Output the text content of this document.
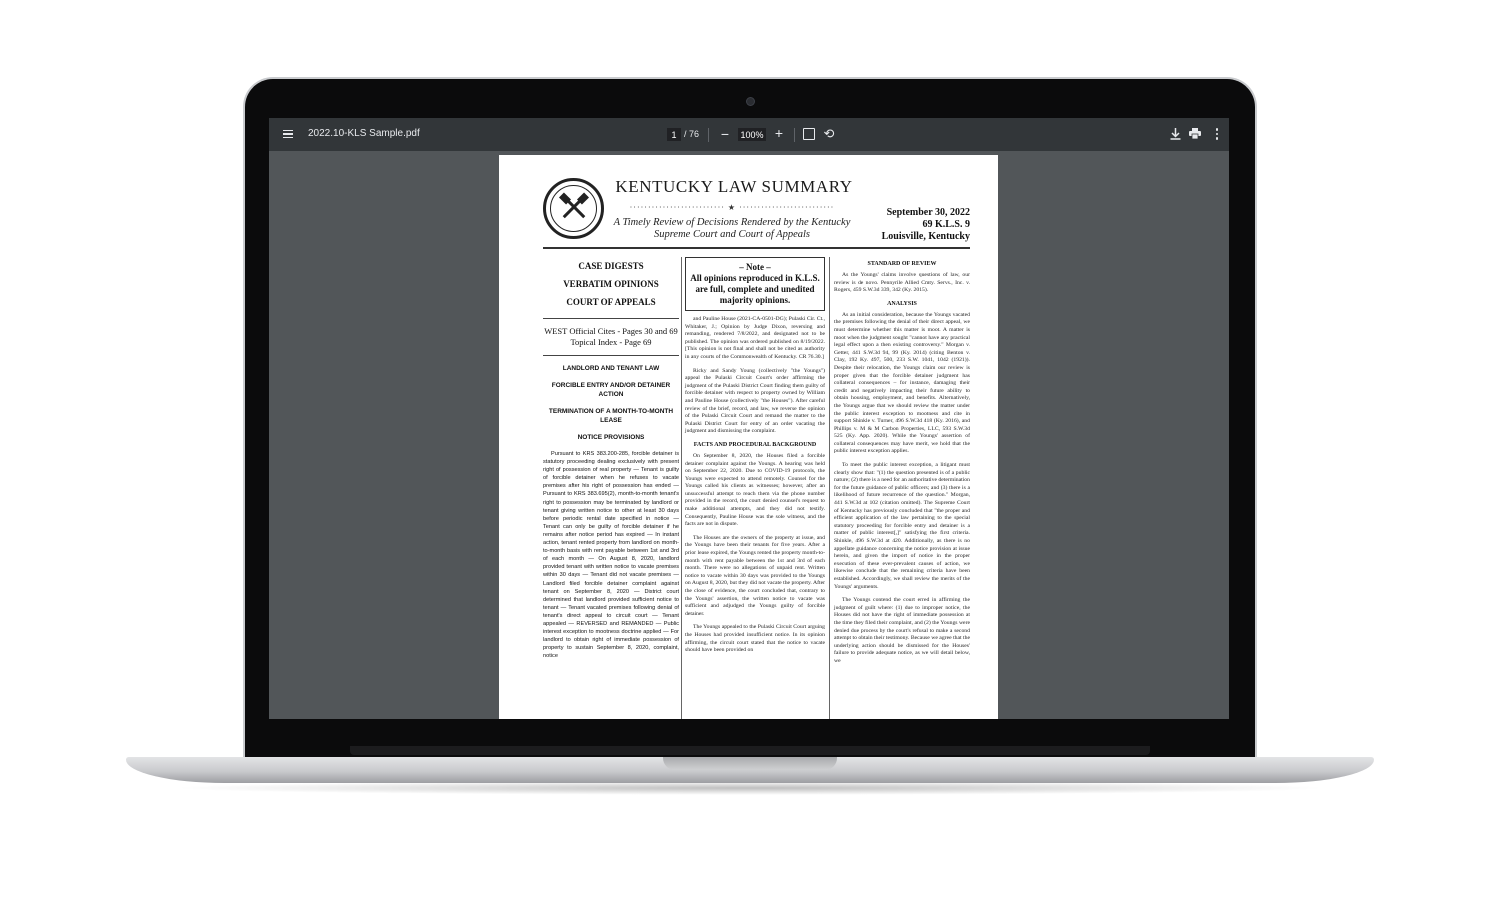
2022.10-KLS Sample.pdf	1 / 76 −	100% +	⟲
KENTUCKY LAW SUMMARY
·························· ★ ··························
A Timely Review of Decisions Rendered by the Kentucky Supreme Court and Court of Appeals
September 30, 2022
69 K.L.S. 9
Louisville, Kentucky
CASE DIGESTS
VERBATIM OPINIONS
COURT OF APPEALS
WEST Official Cites - Pages 30 and 69
Topical Index - Page 69
LANDLORD AND TENANT LAW
FORCIBLE ENTRY AND/OR DETAINER ACTION
TERMINATION OF A MONTH-TO-MONTH LEASE
NOTICE PROVISIONS
Pursuant to KRS 383.200-285, forcible detainer is statutory proceeding dealing exclusively with present right of possession of real property — Tenant is guilty of forcible detainer when he refuses to vacate premises after his right of possession has ended — Pursuant to KRS 383.695(2), month-to-month tenant's right to possession may be terminated by landlord or tenant giving written notice to other at least 30 days before periodic rental date specified in notice — Tenant can only be guilty of forcible detainer if he remains after notice period has expired — In instant action, tenant rented property from landlord on month-to-month basis with rent payable between 1st and 3rd of each month — On August 8, 2020, landlord provided tenant with written notice to vacate premises within 30 days — Tenant did not vacate premises — Landlord filed forcible detainer complaint against tenant on September 8, 2020 — District court determined that landlord provided sufficient notice to tenant — Tenant vacated premises following denial of tenant's direct appeal to circuit court — Tenant appealed — REVERSED and REMANDED — Public interest exception to mootness doctrine applied — For landlord to obtain right of immediate possession of property to sustain September 8, 2020, complaint, notice
– Note –
All opinions reproduced in K.L.S. are full, complete and unedited majority opinions.
and Pauline House (2021-CA-0501-DG); Pulaski Cir. Ct., Whitaker, J.; Opinion by Judge Dixon, reversing and remanding, rendered 7/8/2022, and designated not to be published. The opinion was ordered published on 8/19/2022. [This opinion is not final and shall not be cited as authority in any courts of the Commonwealth of Kentucky. CR 76.30.]
Ricky and Sandy Young (collectively "the Youngs") appeal the Pulaski Circuit Court's order affirming the judgment of the Pulaski District Court finding them guilty of forcible detainer with respect to property owned by William and Pauline House (collectively "the Houses"). After careful review of the brief, record, and law, we reverse the opinion of the Pulaski Circuit Court and remand the matter to the Pulaski District Court for entry of an order vacating the judgment and dismissing the complaint.
FACTS AND PROCEDURAL BACKGROUND
On September 8, 2020, the Houses filed a forcible detainer complaint against the Youngs. A hearing was held on September 22, 2020. Due to COVID-19 protocols, the Youngs were expected to attend remotely. Counsel for the Youngs called his clients as witnesses; however, after an unsuccessful attempt to reach them via the phone number provided in the record, the court denied counsel's request to make additional attempts, and they did not testify. Consequently, Pauline House was the sole witness, and the facts are not in dispute.
The Houses are the owners of the property at issue, and the Youngs have been their tenants for five years. After a prior lease expired, the Youngs rented the property month-to-month with rent payable between the 1st and 3rd of each month. There were no allegations of unpaid rent. Written notice to vacate within 30 days was provided to the Youngs on August 8, 2020, but they did not vacate the property. After the close of evidence, the court concluded that, contrary to the Youngs' assertion, the written notice to vacate was sufficient and adjudged the Youngs guilty of forcible detainer.
The Youngs appealed to the Pulaski Circuit Court arguing the Houses had provided insufficient notice. In its opinion affirming, the circuit court stated that the notice to vacate should have been provided on
STANDARD OF REVIEW
As the Youngs' claims involve questions of law, our review is de novo. Pennyrile Allied Cmty. Servs., Inc. v. Rogers, 459 S.W.3d 339, 342 (Ky. 2015).
ANALYSIS
As an initial consideration, because the Youngs vacated the premises following the denial of their direct appeal, we must determine whether this matter is moot. A matter is moot when the judgment sought "cannot have any practical legal effect upon a then existing controversy." Morgan v. Getter, 441 S.W.3d 94, 99 (Ky. 2014) (citing Benton v. Clay, 192 Ky. 497, 500, 233 S.W. 1041, 1042 (1921)). Despite their relocation, the Youngs claim our review is proper given that the forcible detainer judgment has collateral consequences – for instance, damaging their credit and negatively impacting their future ability to obtain housing, employment, and benefits. Alternatively, the Youngs argue that we should review the matter under the public interest exception to mootness and cite in support Shinkle v. Turner, 496 S.W.3d 418 (Ky. 2016), and Phillips v. M & M Carbon Properties, LLC, 593 S.W.3d 525 (Ky. App. 2020). While the Youngs' assertion of collateral consequences may have merit, we hold that the public interest exception applies.
To meet the public interest exception, a litigant must clearly show that: "(1) the question presented is of a public nature; (2) there is a need for an authoritative determination for the future guidance of public officers; and (3) there is a likelihood of future recurrence of the question." Morgan, 441 S.W.3d at 102 (citation omitted). The Supreme Court of Kentucky has previously concluded that "the proper and efficient application of the law pertaining to the special statutory proceeding for forcible entry and detainer is a matter of public interest[,]" satisfying the first criteria. Shinkle, 496 S.W.3d at 420. Additionally, as there is no appellate guidance concerning the notice provision at issue herein, and given the import of notice in the proper execution of these ever-prevalent causes of action, we likewise conclude that the remaining criteria have been established. Accordingly, we shall review the merits of the Youngs' arguments.
The Youngs contend the court erred in affirming the judgment of guilt where: (1) due to improper notice, the Houses did not have the right of immediate possession at the time they filed their complaint, and (2) the Youngs were denied due process by the court's refusal to make a second attempt to obtain their testimony. Because we agree that the underlying action should be dismissed for the Houses' failure to provide adequate notice, as we will detail below, we
